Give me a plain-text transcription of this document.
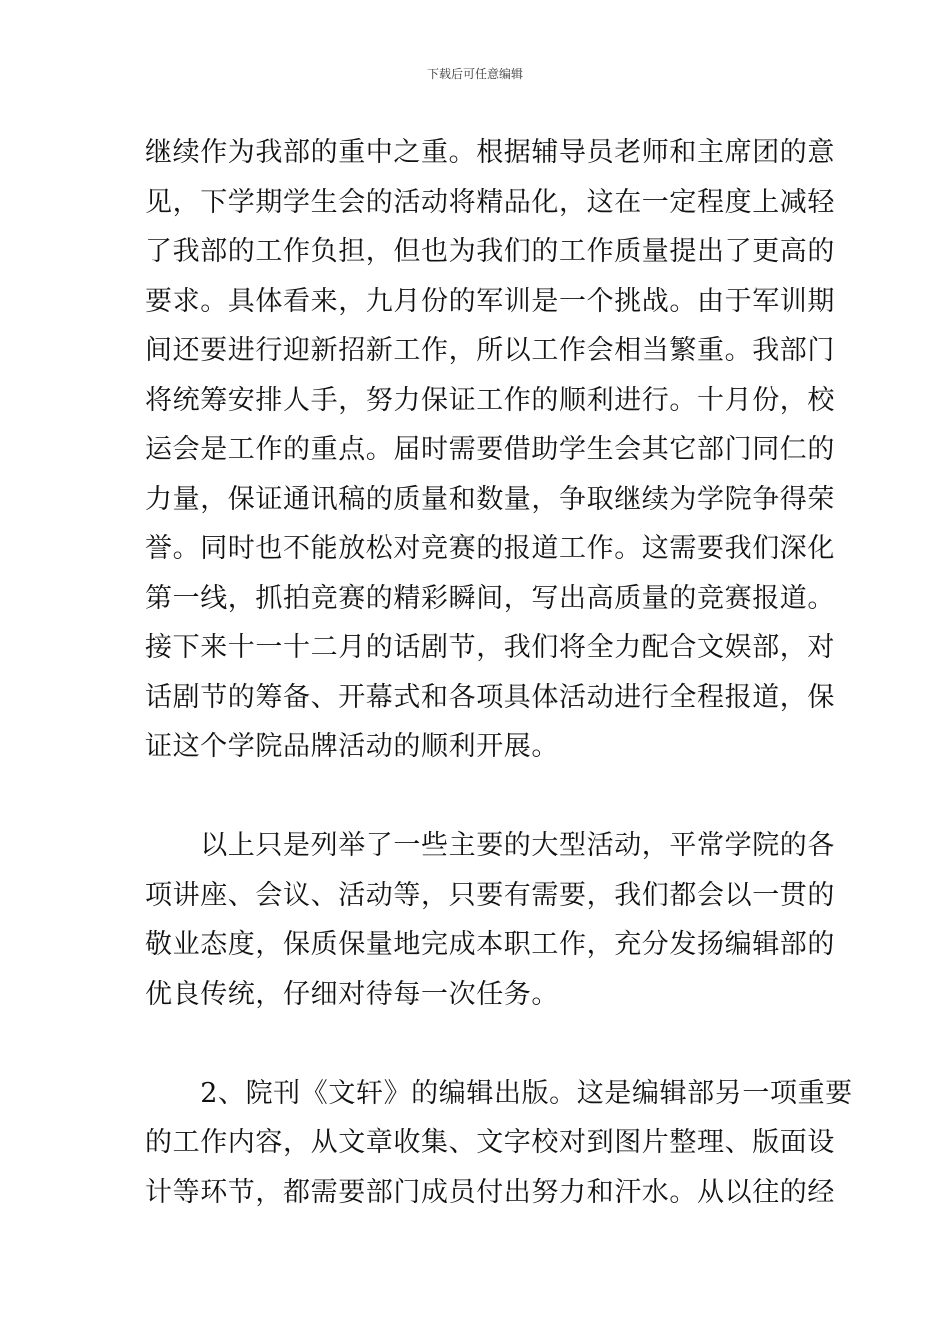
下载后可任意编辑
继续作为我部的重中之重。根据辅导员老师和主席团的意
见，下学期学生会的活动将精品化，这在一定程度上减轻
了我部的工作负担，但也为我们的工作质量提出了更高的
要求。具体看来，九月份的军训是一个挑战。由于军训期
间还要进行迎新招新工作，所以工作会相当繁重。我部门
将统筹安排人手，努力保证工作的顺利进行。十月份，校
运会是工作的重点。届时需要借助学生会其它部门同仁的
力量，保证通讯稿的质量和数量，争取继续为学院争得荣
誉。同时也不能放松对竞赛的报道工作。这需要我们深化
第一线，抓拍竞赛的精彩瞬间，写出高质量的竞赛报道。
接下来十一十二月的话剧节，我们将全力配合文娱部，对
话剧节的筹备、开幕式和各项具体活动进行全程报道，保
证这个学院品牌活动的顺利开展。
　　以上只是列举了一些主要的大型活动，平常学院的各
项讲座、会议、活动等，只要有需要，我们都会以一贯的
敬业态度，保质保量地完成本职工作，充分发扬编辑部的
优良传统，仔细对待每一次任务。
　　2、院刊《文轩》的编辑出版。这是编辑部另一项重要
的工作内容，从文章收集、文字校对到图片整理、版面设
计等环节，都需要部门成员付出努力和汗水。从以往的经
